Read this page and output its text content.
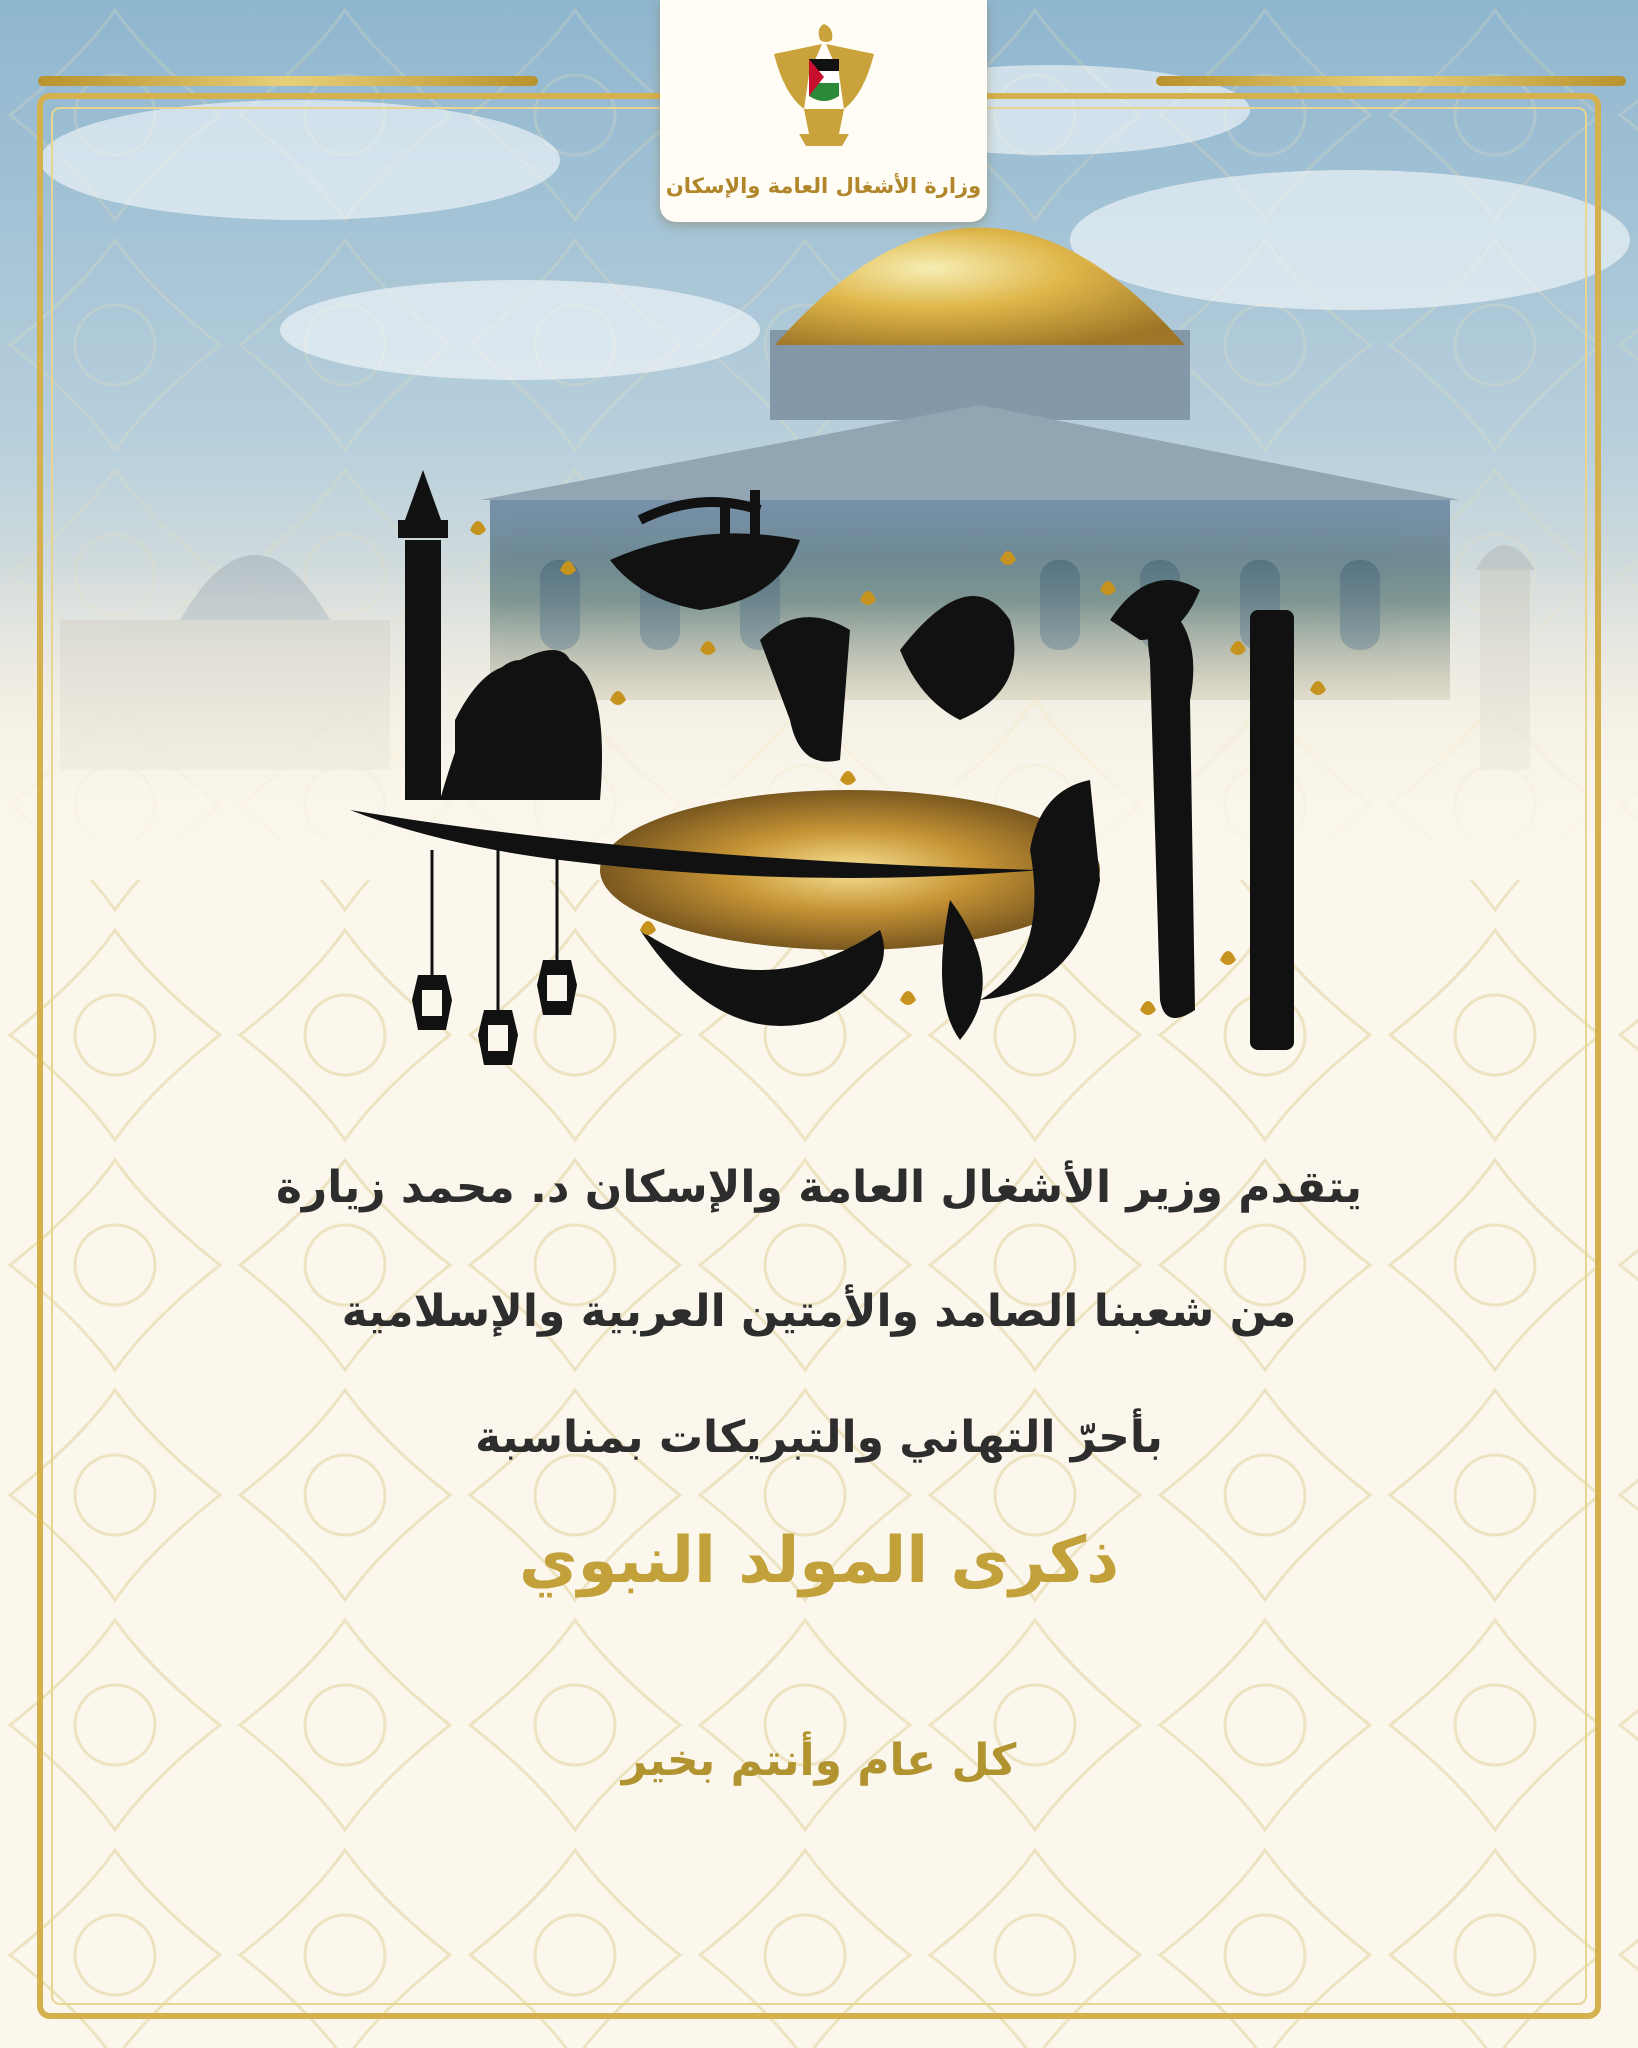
وزارة الأشغال العامة والإسكان
يتقدم وزير الأشغال العامة والإسكان د. محمد زيارة
من شعبنا الصامد والأمتين العربية والإسلامية
بأحرّ التهاني والتبريكات بمناسبة
ذكرى المولد النبوي
كل عام وأنتم بخير
